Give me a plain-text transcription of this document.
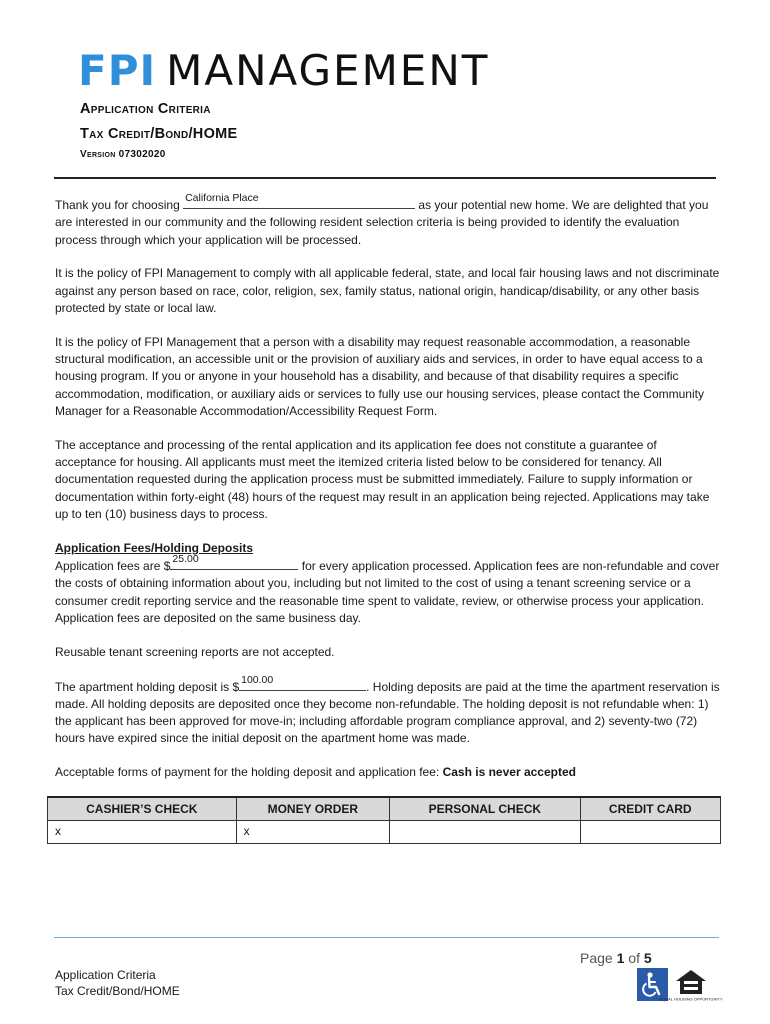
FPI MANAGEMENT
Application Criteria
Tax Credit/Bond/HOME
Version 07302020

Thank you for choosing California Place	as your potential new home. We are delighted that you are interested in our community and the following resident selection criteria is being provided to identify the evaluation process through which your application will be processed.

It is the policy of FPI Management to comply with all applicable federal, state, and local fair housing laws and not discriminate against any person based on race, color, religion, sex, family status, national origin, handicap/disability, or any other basis protected by state or local law.

It is the policy of FPI Management that a person with a disability may request reasonable accommodation, a reasonable structural modification, an accessible unit or the provision of auxiliary aids and services, in order to have equal access to a housing program. If you or anyone in your household has a disability, and because of that disability requires a specific accommodation, modification, or auxiliary aids or services to fully use our housing services, please contact the Community Manager for a Reasonable Accommodation/Accessibility Request Form.

The acceptance and processing of the rental application and its application fee does not constitute a guarantee of acceptance for housing. All applicants must meet the itemized criteria listed below to be considered for tenancy. All documentation requested during the application process must be submitted immediately. Failure to supply information or documentation within forty-eight (48) hours of the request may result in an application being rejected. Applications may take up to ten (10) business days to process.

Application Fees/Holding Deposits
Application fees are $ 25.00	for every application processed. Application fees are non-refundable and cover the costs of obtaining information about you, including but not limited to the cost of using a tenant screening service or a consumer credit reporting service and the reasonable time spent to validate, review, or otherwise process your application. Application fees are deposited on the same business day.

Reusable tenant screening reports are not accepted.

The apartment holding deposit is $ 100.00	. Holding deposits are paid at the time the apartment reservation is made. All holding deposits are deposited once they become non-refundable. The holding deposit is not refundable when: 1) the applicant has been approved for move-in; including affordable program compliance approval, and 2) seventy-two (72) hours have expired since the initial deposit on the apartment home was made.

Acceptable forms of payment for the holding deposit and application fee: Cash is never accepted

CASHIER’S CHECK	MONEY ORDER	PERSONAL CHECK	CREDIT CARD
x	x		
Page 1 of 5
Application Criteria
Tax Credit/Bond/HOME
EQUAL HOUSING OPPORTUNITY
